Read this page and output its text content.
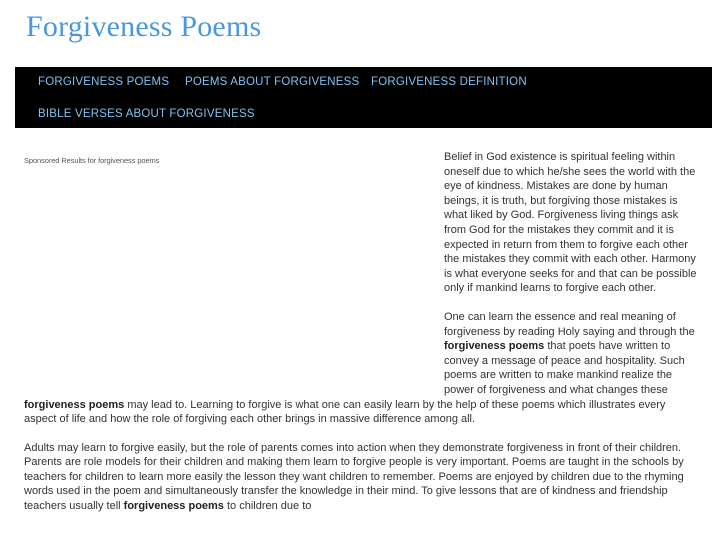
Forgiveness Poems
FORGIVENESS POEMS POEMS ABOUT FORGIVENESS FORGIVENESS DEFINITION
BIBLE VERSES ABOUT FORGIVENESS
Sponsored Results for forgiveness poems	Belief in God existence is spiritual feeling within oneself due to which he/she sees the world with the eye of kindness. Mistakes are done by human beings, it is truth, but forgiving those mistakes is what liked by God. Forgiveness living things ask from God for the mistakes they commit and it is expected in return from them to forgive each other the mistakes they commit with each other. Harmony is what everyone seeks for and that can be possible only if mankind learns to forgive each other.

One can learn the essence and real meaning of forgiveness by reading Holy saying and through the forgiveness poems that poets have written to convey a message of peace and hospitality. Such poems are written to make mankind realize the power of forgiveness and what changes these forgiveness poems may lead to. Learning to forgive is what one can easily learn by the help of these poems which illustrates every aspect of life and how the role of forgiving each other brings in massive difference among all.

Adults may learn to forgive easily, but the role of parents comes into action when they demonstrate forgiveness in front of their children. Parents are role models for their children and making them learn to forgive people is very important. Poems are taught in the schools by teachers for children to learn more easily the lesson they want children to remember. Poems are enjoyed by children due to the rhyming words used in the poem and simultaneously transfer the knowledge in their mind. To give lessons that are of kindness and friendship teachers usually tell forgiveness poems to children due to
